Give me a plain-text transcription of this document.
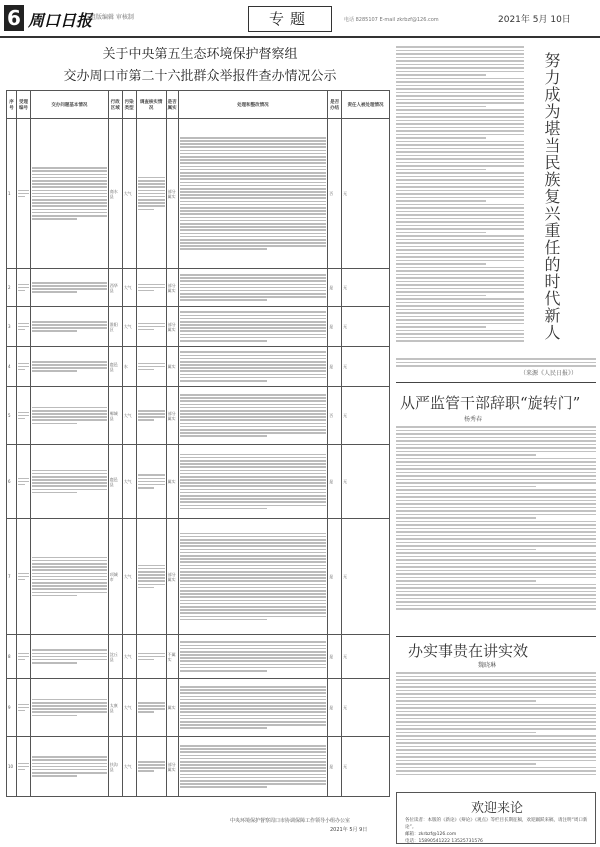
6 周口日报
组版编辑 审核制	专题	电话 8285107 E-mail zkrbzf@126.com	2021年 5月 10日
关于中央第五生态环境保护督察组
交办周口市第二十六批群众举报件查办情况公示
序号	受理编号	交办问题基本情况	行政区域	污染类型	调查核实情况	是否属实	处理和整改情况	是否办结	责任人被处理情况

1			商水县	大气		部分属实		否	无

2			西华县	大气		部分属实		是	无

3			淮阳区	大气		部分属实		是	无

4			鹿邑县	水		属实		是	无

5			郸城县	大气		部分属实		否	无

6			鹿邑县	大气		属实		是	无

7			项城市	大气		部分属实		是	无

8			沈丘县	大气		不属实		是	无

9			太康县	大气		属实		是	无

10			扶沟县	大气		部分属实		是	无
中央环境保护督察周口市协调保障工作领导小组办公室
2021年 5月 9日
努力成为堪当民族复兴重任的时代新人
（来源《人民日报》）
从严监管干部辞职“旋转门”
杨秀春
办实事贵在讲实效
魏晓琳
欢迎来论
各位读者：本版的《新论》《辩论》《观点》等栏目长期征稿，欢迎踊跃来稿，请注明“周口新论”。
邮箱：zkrbzf@126.com
电话：15890541222 13525731576
